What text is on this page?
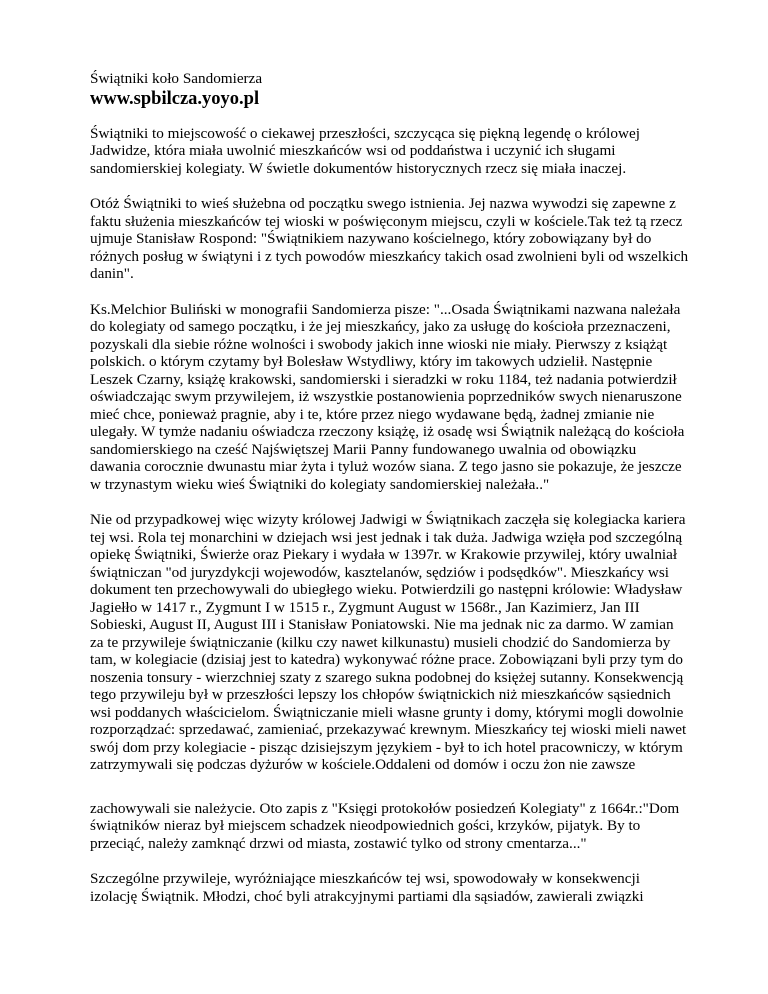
Świątniki koło Sandomierza

www.spbilcza.yoyo.pl

Świątniki to miejscowość o ciekawej przeszłości, szczycąca się piękną legendę o królowej Jadwidze, która miała uwolnić mieszkańców wsi od poddaństwa i uczynić ich sługami sandomierskiej kolegiaty. W świetle dokumentów historycznych rzecz się miała inaczej.

Otóż Świątniki to wieś służebna od początku swego istnienia. Jej nazwa wywodzi się zapewne z faktu służenia mieszkańców tej wioski w poświęconym miejscu, czyli w kościele.Tak też tą rzecz ujmuje Stanisław Rospond: "Świątnikiem nazywano kościelnego, który zobowiązany był do różnych posług w świątyni i z tych powodów mieszkańcy takich osad zwolnieni byli od wszelkich danin".

Ks.Melchior Buliński w monografii Sandomierza pisze: "...Osada Świątnikami nazwana należała do kolegiaty od samego początku, i że jej mieszkańcy, jako za usługę do kościoła przeznaczeni, pozyskali dla siebie różne wolności i swobody jakich inne wioski nie miały. Pierwszy z książąt polskich. o którym czytamy był Bolesław Wstydliwy, który im takowych udzielił. Następnie Leszek Czarny, książę krakowski, sandomierski i sieradzki w roku 1184, też nadania potwierdził oświadczając swym przywilejem, iż wszystkie postanowienia poprzedników swych nienaruszone mieć chce, ponieważ pragnie, aby i te, które przez niego wydawane będą, żadnej zmianie nie ulegały. W tymże nadaniu oświadcza rzeczony książę, iż osadę wsi Świątnik należącą do kościoła sandomierskiego na cześć Najświętszej Marii Panny fundowanego uwalnia od obowiązku dawania corocznie dwunastu miar żyta i tyluż wozów siana. Z tego jasno sie pokazuje, że jeszcze w trzynastym wieku wieś Świątniki do kolegiaty sandomierskiej należała.."

Nie od przypadkowej więc wizyty królowej Jadwigi w Świątnikach zaczęła się kolegiacka kariera tej wsi. Rola tej monarchini w dziejach wsi jest jednak i tak duża. Jadwiga wzięła pod szczególną opiekę Świątniki, Świerże oraz Piekary i wydała w 1397r. w Krakowie przywilej, który uwalniał świątniczan "od juryzdykcji wojewodów, kasztelanów, sędziów i podsędków". Mieszkańcy wsi dokument ten przechowywali do ubiegłego wieku. Potwierdzili go następni królowie: Władysław Jagiełło w 1417 r., Zygmunt I w 1515 r., Zygmunt August w 1568r., Jan Kazimierz, Jan III Sobieski, August II, August III i Stanisław Poniatowski. Nie ma jednak nic za darmo. W zamian za te przywileje świątniczanie (kilku czy nawet kilkunastu) musieli chodzić do Sandomierza by tam, w kolegiacie (dzisiaj jest to katedra) wykonywać różne prace. Zobowiązani byli przy tym do noszenia tonsury - wierzchniej szaty z szarego sukna podobnej do księżej sutanny. Konsekwencją tego przywileju był w przeszłości lepszy los chłopów świątnickich niż mieszkańców sąsiednich wsi poddanych właścicielom. Świątniczanie mieli własne grunty i domy, którymi mogli dowolnie rozporządzać: sprzedawać, zamieniać, przekazywać krewnym. Mieszkańcy tej wioski mieli nawet swój dom przy kolegiacie - pisząc dzisiejszym językiem - był to ich hotel pracowniczy, w którym zatrzymywali się podczas dyżurów w kościele.Oddaleni od domów i oczu żon nie zawsze

zachowywali sie należycie. Oto zapis z "Księgi protokołów posiedzeń Kolegiaty" z 1664r.:"Dom świątników nieraz był miejscem schadzek nieodpowiednich gości, krzyków, pijatyk. By to przeciąć, należy zamknąć drzwi od miasta, zostawić tylko od strony cmentarza..."

Szczególne przywileje, wyróżniające mieszkańców tej wsi, spowodowały w konsekwencji izolację Świątnik. Młodzi, choć byli atrakcyjnymi partiami dla sąsiadów, zawierali związki
